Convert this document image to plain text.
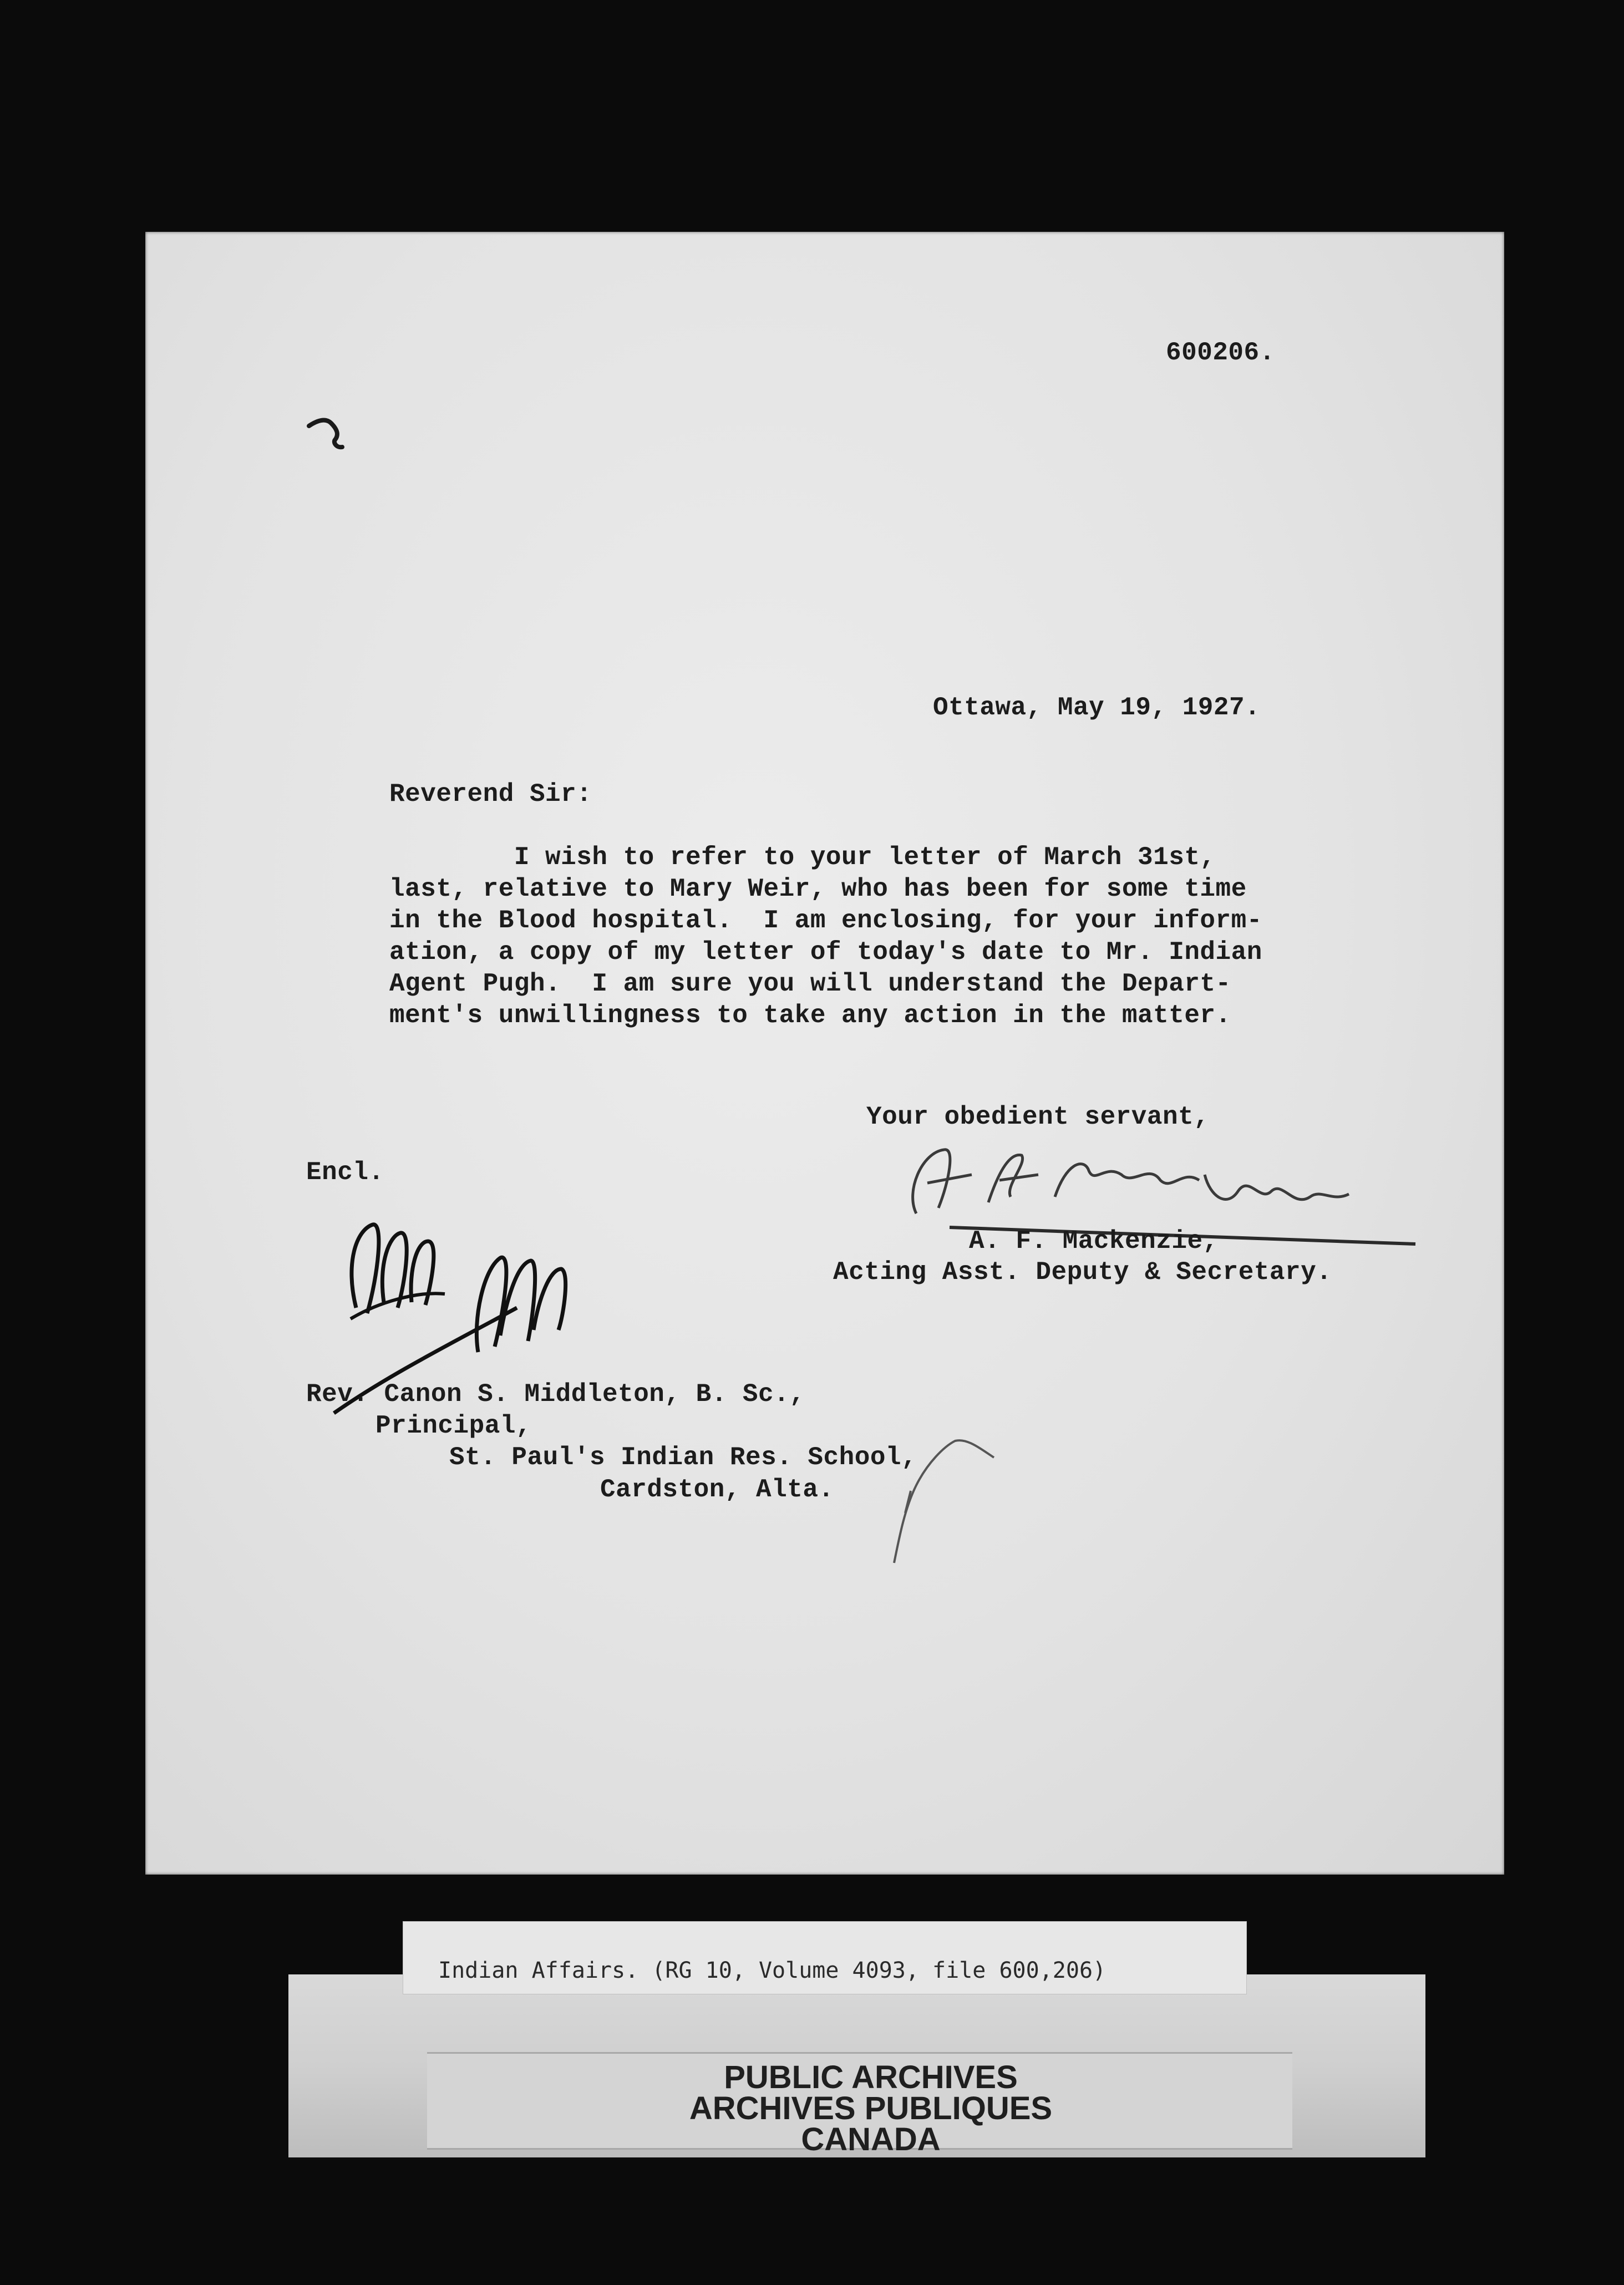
600206.
Ottawa, May 19, 1927.
Reverend Sir:
I wish to refer to your letter of March 31st,
last, relative to Mary Weir, who has been for some time
in the Blood hospital.  I am enclosing, for your inform-
ation, a copy of my letter of today's date to Mr. Indian
Agent Pugh.  I am sure you will understand the Depart-
ment's unwillingness to take any action in the matter.
Your obedient servant,
Encl.
A. F. Mackenzie,
Acting Asst. Deputy & Secretary.
Rev. Canon S. Middleton, B. Sc.,
Principal,
St. Paul's Indian Res. School,
Cardston, Alta.
Indian Affairs. (RG 10, Volume 4093, file 600,206)
PUBLIC ARCHIVES
ARCHIVES PUBLIQUES
CANADA
